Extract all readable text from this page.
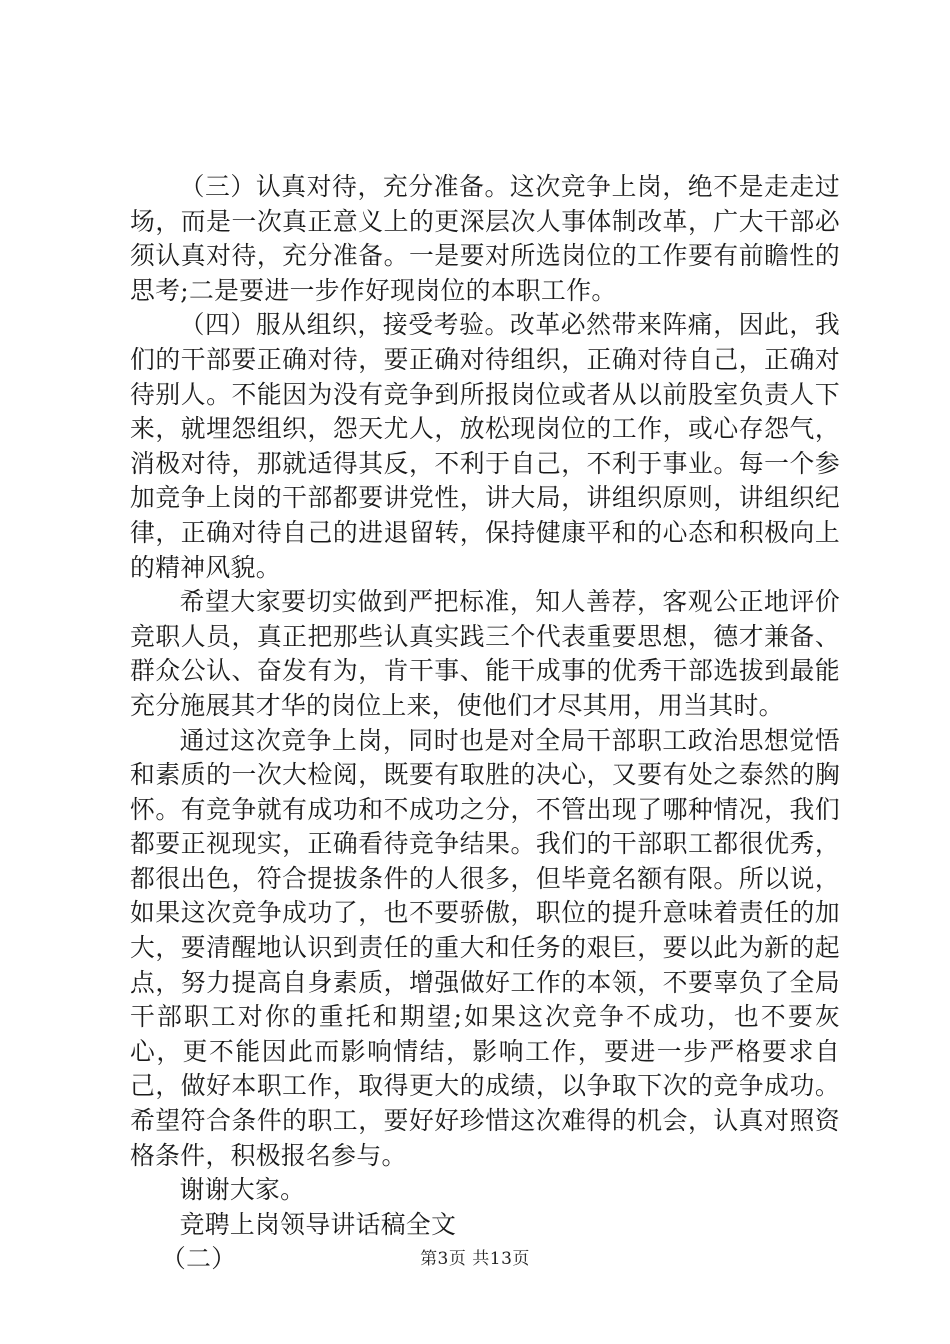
（三）认真对待，充分准备。这次竞争上岗，绝不是走走过场，而是一次真正意义上的更深层次人事体制改革，广大干部必须认真对待，充分准备。一是要对所选岗位的工作要有前瞻性的思考;二是要进一步作好现岗位的本职工作。

（四）服从组织，接受考验。改革必然带来阵痛，因此，我们的干部要正确对待，要正确对待组织，正确对待自己，正确对待别人。不能因为没有竞争到所报岗位或者从以前股室负责人下来，就埋怨组织，怨天尤人，放松现岗位的工作，或心存怨气，消极对待，那就适得其反，不利于自己，不利于事业。每一个参加竞争上岗的干部都要讲党性，讲大局，讲组织原则，讲组织纪律，正确对待自己的进退留转，保持健康平和的心态和积极向上的精神风貌。

希望大家要切实做到严把标准，知人善荐，客观公正地评价竞职人员，真正把那些认真实践三个代表重要思想，德才兼备、群众公认、奋发有为，肯干事、能干成事的优秀干部选拔到最能充分施展其才华的岗位上来，使他们才尽其用，用当其时。

通过这次竞争上岗，同时也是对全局干部职工政治思想觉悟和素质的一次大检阅，既要有取胜的决心，又要有处之泰然的胸怀。有竞争就有成功和不成功之分，不管出现了哪种情况，我们都要正视现实，正确看待竞争结果。我们的干部职工都很优秀，都很出色，符合提拔条件的人很多，但毕竟名额有限。所以说，如果这次竞争成功了，也不要骄傲，职位的提升意味着责任的加大，要清醒地认识到责任的重大和任务的艰巨，要以此为新的起点，努力提高自身素质，增强做好工作的本领，不要辜负了全局干部职工对你的重托和期望;如果这次竞争不成功，也不要灰心，更不能因此而影响情结，影响工作，要进一步严格要求自己，做好本职工作，取得更大的成绩，以争取下次的竞争成功。希望符合条件的职工，要好好珍惜这次难得的机会，认真对照资格条件，积极报名参与。

谢谢大家。

竞聘上岗领导讲话稿全文

（二）	第3页 共13页
